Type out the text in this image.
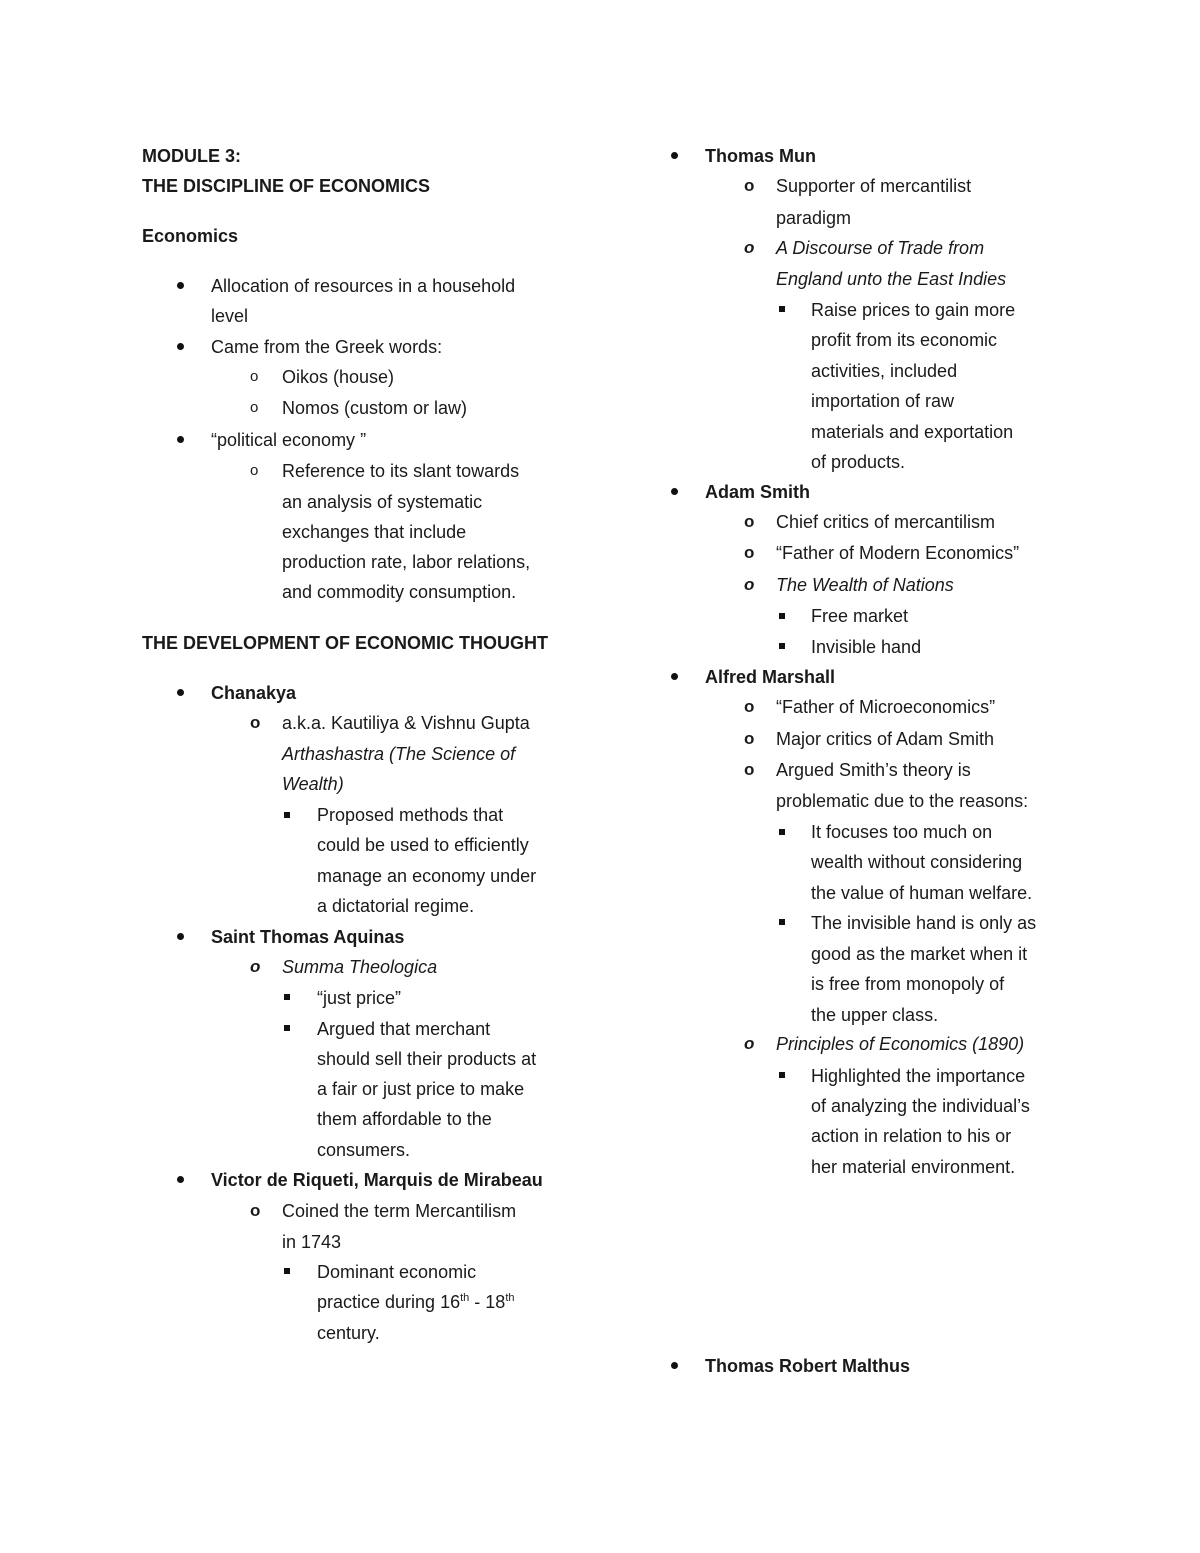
MODULE 3:
THE DISCIPLINE OF ECONOMICS
Economics
Allocation of resources in a household
level
Came from the Greek words:
o Oikos (house)
o Nomos (custom or law)
“political economy ”
o Reference to its slant towards
an analysis of systematic
exchanges that include
production rate, labor relations,
and commodity consumption.
THE DEVELOPMENT OF ECONOMIC THOUGHT
Chanakya
o a.k.a. Kautiliya & Vishnu Gupta
Arthashastra (The Science of
Wealth)
Proposed methods that
could be used to efficiently
manage an economy under
a dictatorial regime.
Saint Thomas Aquinas
o Summa Theologica
“just price”
Argued that merchant
should sell their products at
a fair or just price to make
them affordable to the
consumers.
Victor de Riqueti, Marquis de Mirabeau
o Coined the term Mercantilism
in 1743
Dominant economic
practice during 16th - 18th
century.
Thomas Mun
o Supporter of mercantilist
paradigm
o A Discourse of Trade from
England unto the East Indies
Raise prices to gain more
profit from its economic
activities, included
importation of raw
materials and exportation
of products.
Adam Smith
o Chief critics of mercantilism
o “Father of Modern Economics”
o The Wealth of Nations
Free market
Invisible hand
Alfred Marshall
o “Father of Microeconomics”
o Major critics of Adam Smith
o Argued Smith’s theory is
problematic due to the reasons:
It focuses too much on
wealth without considering
the value of human welfare.
The invisible hand is only as
good as the market when it
is free from monopoly of
the upper class.
o Principles of Economics (1890)
Highlighted the importance
of analyzing the individual’s
action in relation to his or
her material environment.
Thomas Robert Malthus
